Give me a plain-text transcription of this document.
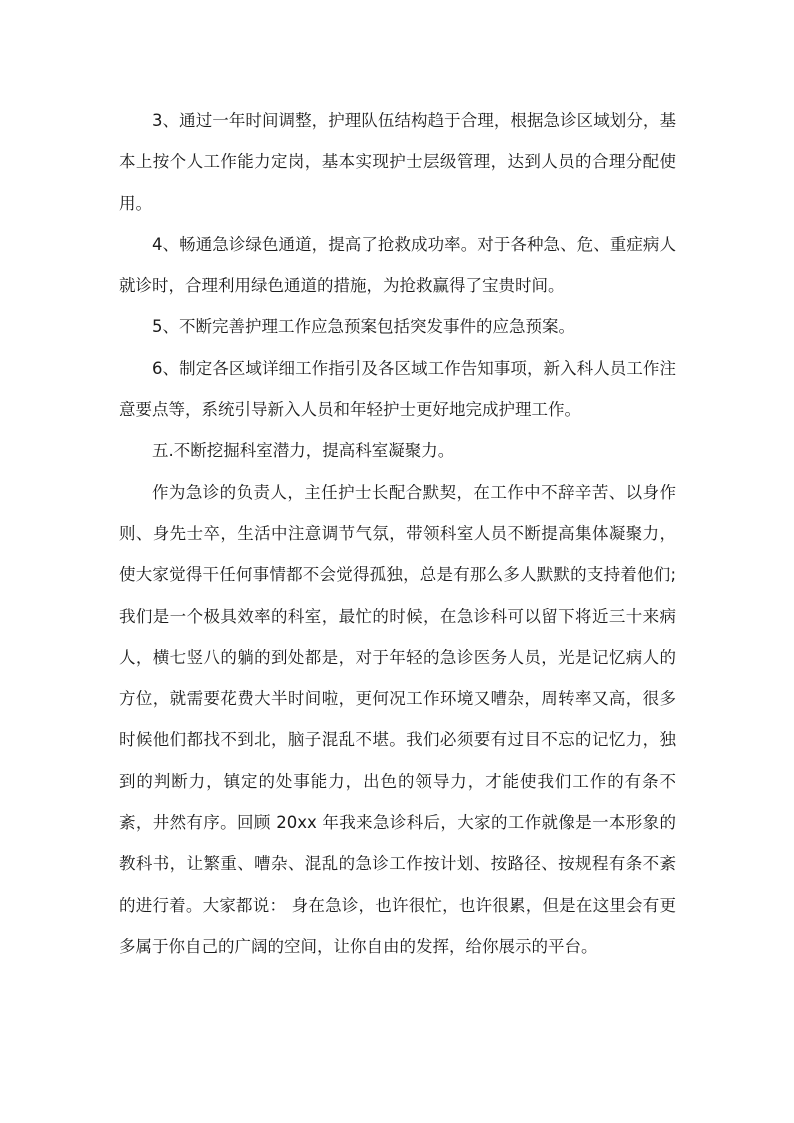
3、通过一年时间调整，护理队伍结构趋于合理，根据急诊区域划分，基本上按个人工作能力定岗，基本实现护士层级管理，达到人员的合理分配使用。

4、畅通急诊绿色通道，提高了抢救成功率。对于各种急、危、重症病人就诊时，合理利用绿色通道的措施，为抢救赢得了宝贵时间。

5、不断完善护理工作应急预案包括突发事件的应急预案。

6、制定各区域详细工作指引及各区域工作告知事项，新入科人员工作注意要点等，系统引导新入人员和年轻护士更好地完成护理工作。

五.不断挖掘科室潜力，提高科室凝聚力。

作为急诊的负责人，主任护士长配合默契，在工作中不辞辛苦、以身作则、身先士卒，生活中注意调节气氛，带领科室人员不断提高集体凝聚力，使大家觉得干任何事情都不会觉得孤独，总是有那么多人默默的支持着他们;我们是一个极具效率的科室，最忙的时候，在急诊科可以留下将近三十来病人，横七竖八的躺的到处都是，对于年轻的急诊医务人员，光是记忆病人的方位，就需要花费大半时间啦，更何况工作环境又嘈杂，周转率又高，很多时候他们都找不到北，脑子混乱不堪。我们必须要有过目不忘的记忆力，独到的判断力，镇定的处事能力，出色的领导力，才能使我们工作的有条不紊，井然有序。回顾 20xx 年我来急诊科后，大家的工作就像是一本形象的教科书，让繁重、嘈杂、混乱的急诊工作按计划、按路径、按规程有条不紊的进行着。大家都说： 身在急诊，也许很忙，也许很累，但是在这里会有更多属于你自己的广阔的空间，让你自由的发挥，给你展示的平台。
